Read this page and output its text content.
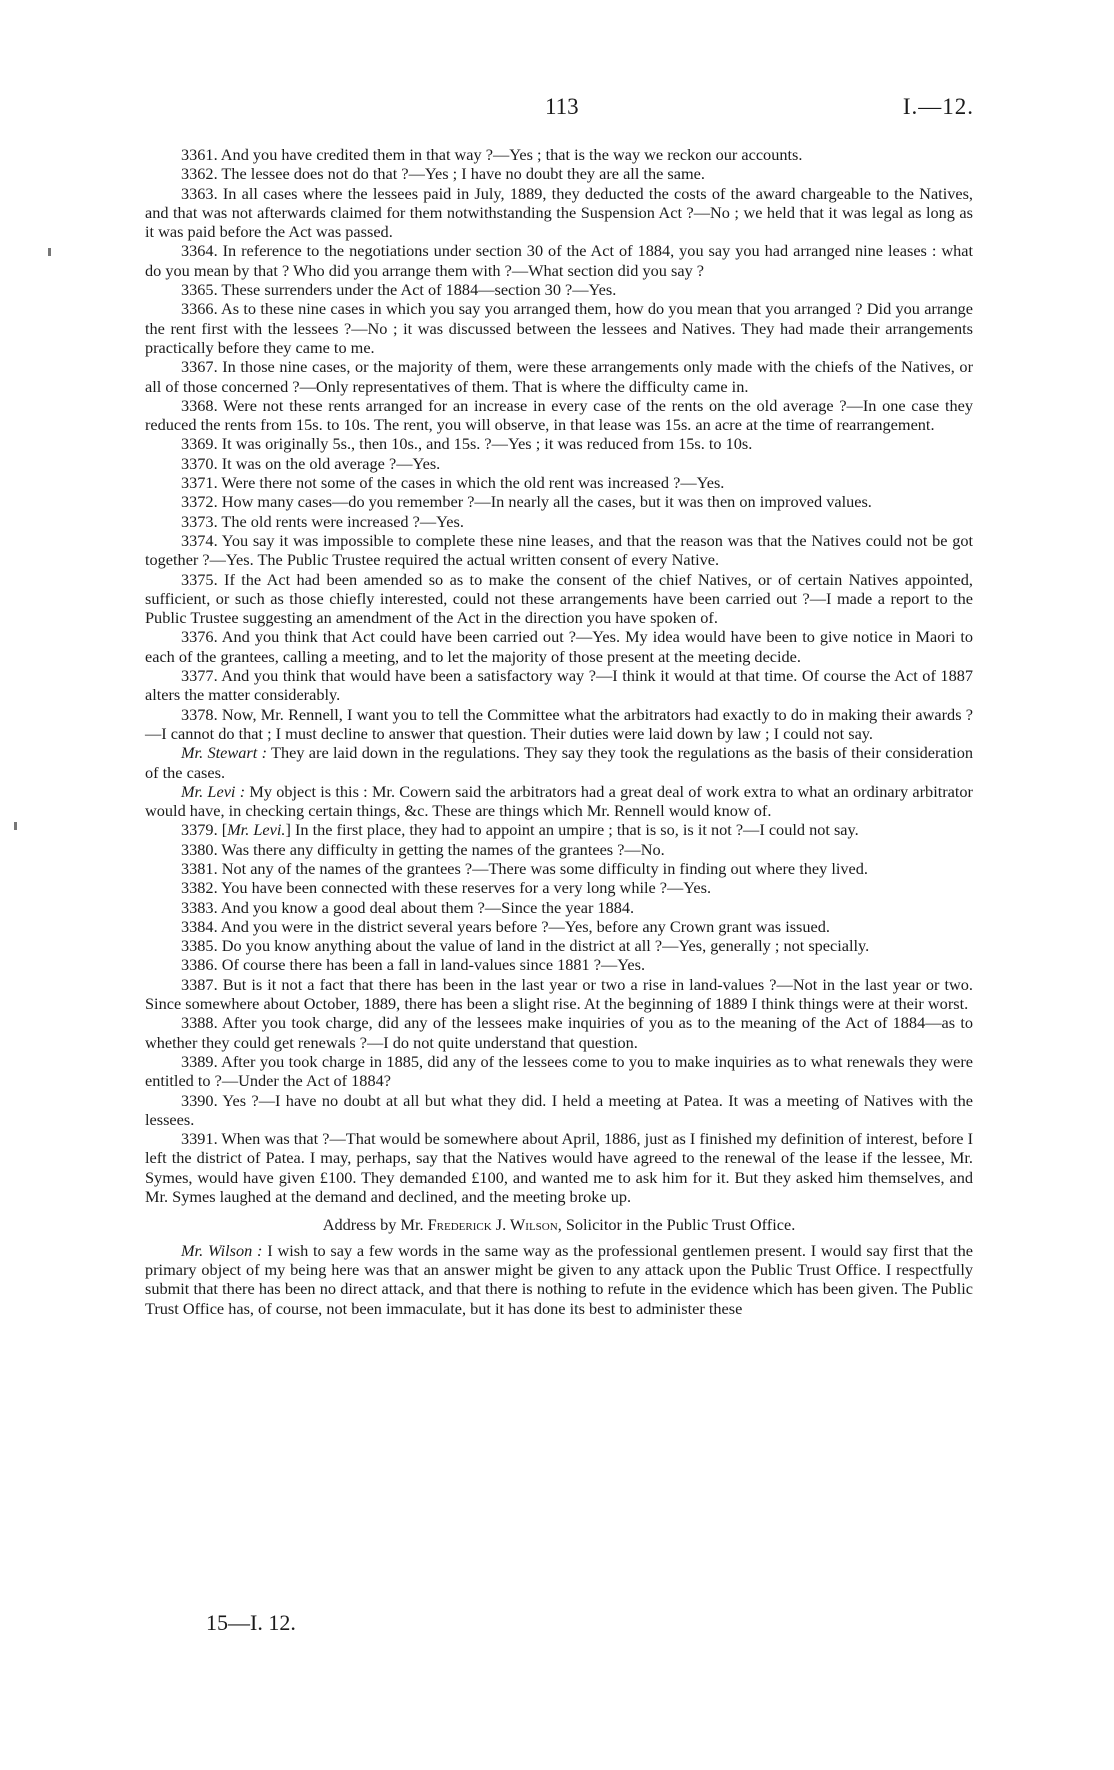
113	I.—12.

3361. And you have credited them in that way ?—Yes ; that is the way we reckon our accounts.

3362. The lessee does not do that ?—Yes ; I have no doubt they are all the same.

3363. In all cases where the lessees paid in July, 1889, they deducted the costs of the award chargeable to the Natives, and that was not afterwards claimed for them notwithstanding the Suspension Act ?—No ; we held that it was legal as long as it was paid before the Act was passed.

3364. In reference to the negotiations under section 30 of the Act of 1884, you say you had arranged nine leases : what do you mean by that ? Who did you arrange them with ?—What section did you say ?

3365. These surrenders under the Act of 1884—section 30 ?—Yes.

3366. As to these nine cases in which you say you arranged them, how do you mean that you arranged ? Did you arrange the rent first with the lessees ?—No ; it was discussed between the lessees and Natives. They had made their arrangements practically before they came to me.

3367. In those nine cases, or the majority of them, were these arrangements only made with the chiefs of the Natives, or all of those concerned ?—Only representatives of them. That is where the difficulty came in.

3368. Were not these rents arranged for an increase in every case of the rents on the old average ?—In one case they reduced the rents from 15s. to 10s. The rent, you will observe, in that lease was 15s. an acre at the time of rearrangement.

3369. It was originally 5s., then 10s., and 15s. ?—Yes ; it was reduced from 15s. to 10s.

3370. It was on the old average ?—Yes.

3371. Were there not some of the cases in which the old rent was increased ?—Yes.

3372. How many cases—do you remember ?—In nearly all the cases, but it was then on improved values.

3373. The old rents were increased ?—Yes.

3374. You say it was impossible to complete these nine leases, and that the reason was that the Natives could not be got together ?—Yes. The Public Trustee required the actual written consent of every Native.

3375. If the Act had been amended so as to make the consent of the chief Natives, or of certain Natives appointed, sufficient, or such as those chiefly interested, could not these arrangements have been carried out ?—I made a report to the Public Trustee suggesting an amendment of the Act in the direction you have spoken of.

3376. And you think that Act could have been carried out ?—Yes. My idea would have been to give notice in Maori to each of the grantees, calling a meeting, and to let the majority of those present at the meeting decide.

3377. And you think that would have been a satisfactory way ?—I think it would at that time. Of course the Act of 1887 alters the matter considerably.

3378. Now, Mr. Rennell, I want you to tell the Committee what the arbitrators had exactly to do in making their awards ?—I cannot do that ; I must decline to answer that question. Their duties were laid down by law ; I could not say.

Mr. Stewart : They are laid down in the regulations. They say they took the regulations as the basis of their consideration of the cases.

Mr. Levi : My object is this : Mr. Cowern said the arbitrators had a great deal of work extra to what an ordinary arbitrator would have, in checking certain things, &c. These are things which Mr. Rennell would know of.

3379. [Mr. Levi.] In the first place, they had to appoint an umpire ; that is so, is it not ?—I could not say.

3380. Was there any difficulty in getting the names of the grantees ?—No.

3381. Not any of the names of the grantees ?—There was some difficulty in finding out where they lived.

3382. You have been connected with these reserves for a very long while ?—Yes.

3383. And you know a good deal about them ?—Since the year 1884.

3384. And you were in the district several years before ?—Yes, before any Crown grant was issued.

3385. Do you know anything about the value of land in the district at all ?—Yes, generally ; not specially.

3386. Of course there has been a fall in land-values since 1881 ?—Yes.

3387. But is it not a fact that there has been in the last year or two a rise in land-values ?—Not in the last year or two. Since somewhere about October, 1889, there has been a slight rise. At the beginning of 1889 I think things were at their worst.

3388. After you took charge, did any of the lessees make inquiries of you as to the meaning of the Act of 1884—as to whether they could get renewals ?—I do not quite understand that question.

3389. After you took charge in 1885, did any of the lessees come to you to make inquiries as to what renewals they were entitled to ?—Under the Act of 1884?

3390. Yes ?—I have no doubt at all but what they did. I held a meeting at Patea. It was a meeting of Natives with the lessees.

3391. When was that ?—That would be somewhere about April, 1886, just as I finished my definition of interest, before I left the district of Patea. I may, perhaps, say that the Natives would have agreed to the renewal of the lease if the lessee, Mr. Symes, would have given £100. They demanded £100, and wanted me to ask him for it. But they asked him themselves, and Mr. Symes laughed at the demand and declined, and the meeting broke up.

Address by Mr. Frederick J. Wilson, Solicitor in the Public Trust Office.

Mr. Wilson : I wish to say a few words in the same way as the professional gentlemen present. I would say first that the primary object of my being here was that an answer might be given to any attack upon the Public Trust Office. I respectfully submit that there has been no direct attack, and that there is nothing to refute in the evidence which has been given. The Public Trust Office has, of course, not been immaculate, but it has done its best to administer these

15—I. 12.
